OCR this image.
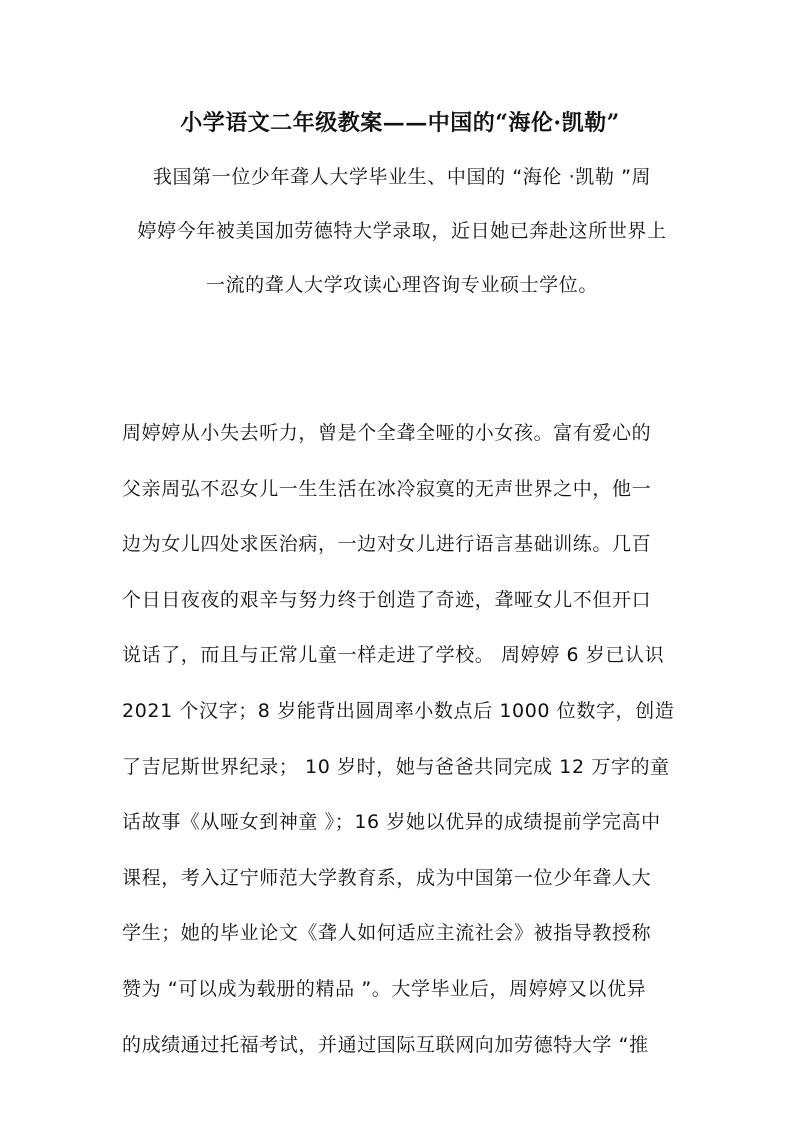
小学语文二年级教案——中国的“海伦·凯勒”
我国第一位少年聋人大学毕业生、中国的 “海伦 ·凯勒 ”周
婷婷今年被美国加劳德特大学录取，近日她已奔赴这所世界上
一流的聋人大学攻读心理咨询专业硕士学位。
周婷婷从小失去听力，曾是个全聋全哑的小女孩。富有爱心的
父亲周弘不忍女儿一生生活在冰冷寂寞的无声世界之中，他一
边为女儿四处求医治病，一边对女儿进行语言基础训练。几百
个日日夜夜的艰辛与努力终于创造了奇迹，聋哑女儿不但开口
说话了，而且与正常儿童一样走进了学校。 周婷婷 6 岁已认识
2021 个汉字；8 岁能背出圆周率小数点后 1000 位数字，创造
了吉尼斯世界纪录； 10 岁时，她与爸爸共同完成 12 万字的童
话故事《从哑女到神童 》；16 岁她以优异的成绩提前学完高中
课程，考入辽宁师范大学教育系，成为中国第一位少年聋人大
学生；她的毕业论文《聋人如何适应主流社会》被指导教授称
赞为 “可以成为载册的精品 ”。大学毕业后，周婷婷又以优异
的成绩通过托福考试，并通过国际互联网向加劳德特大学 “推
